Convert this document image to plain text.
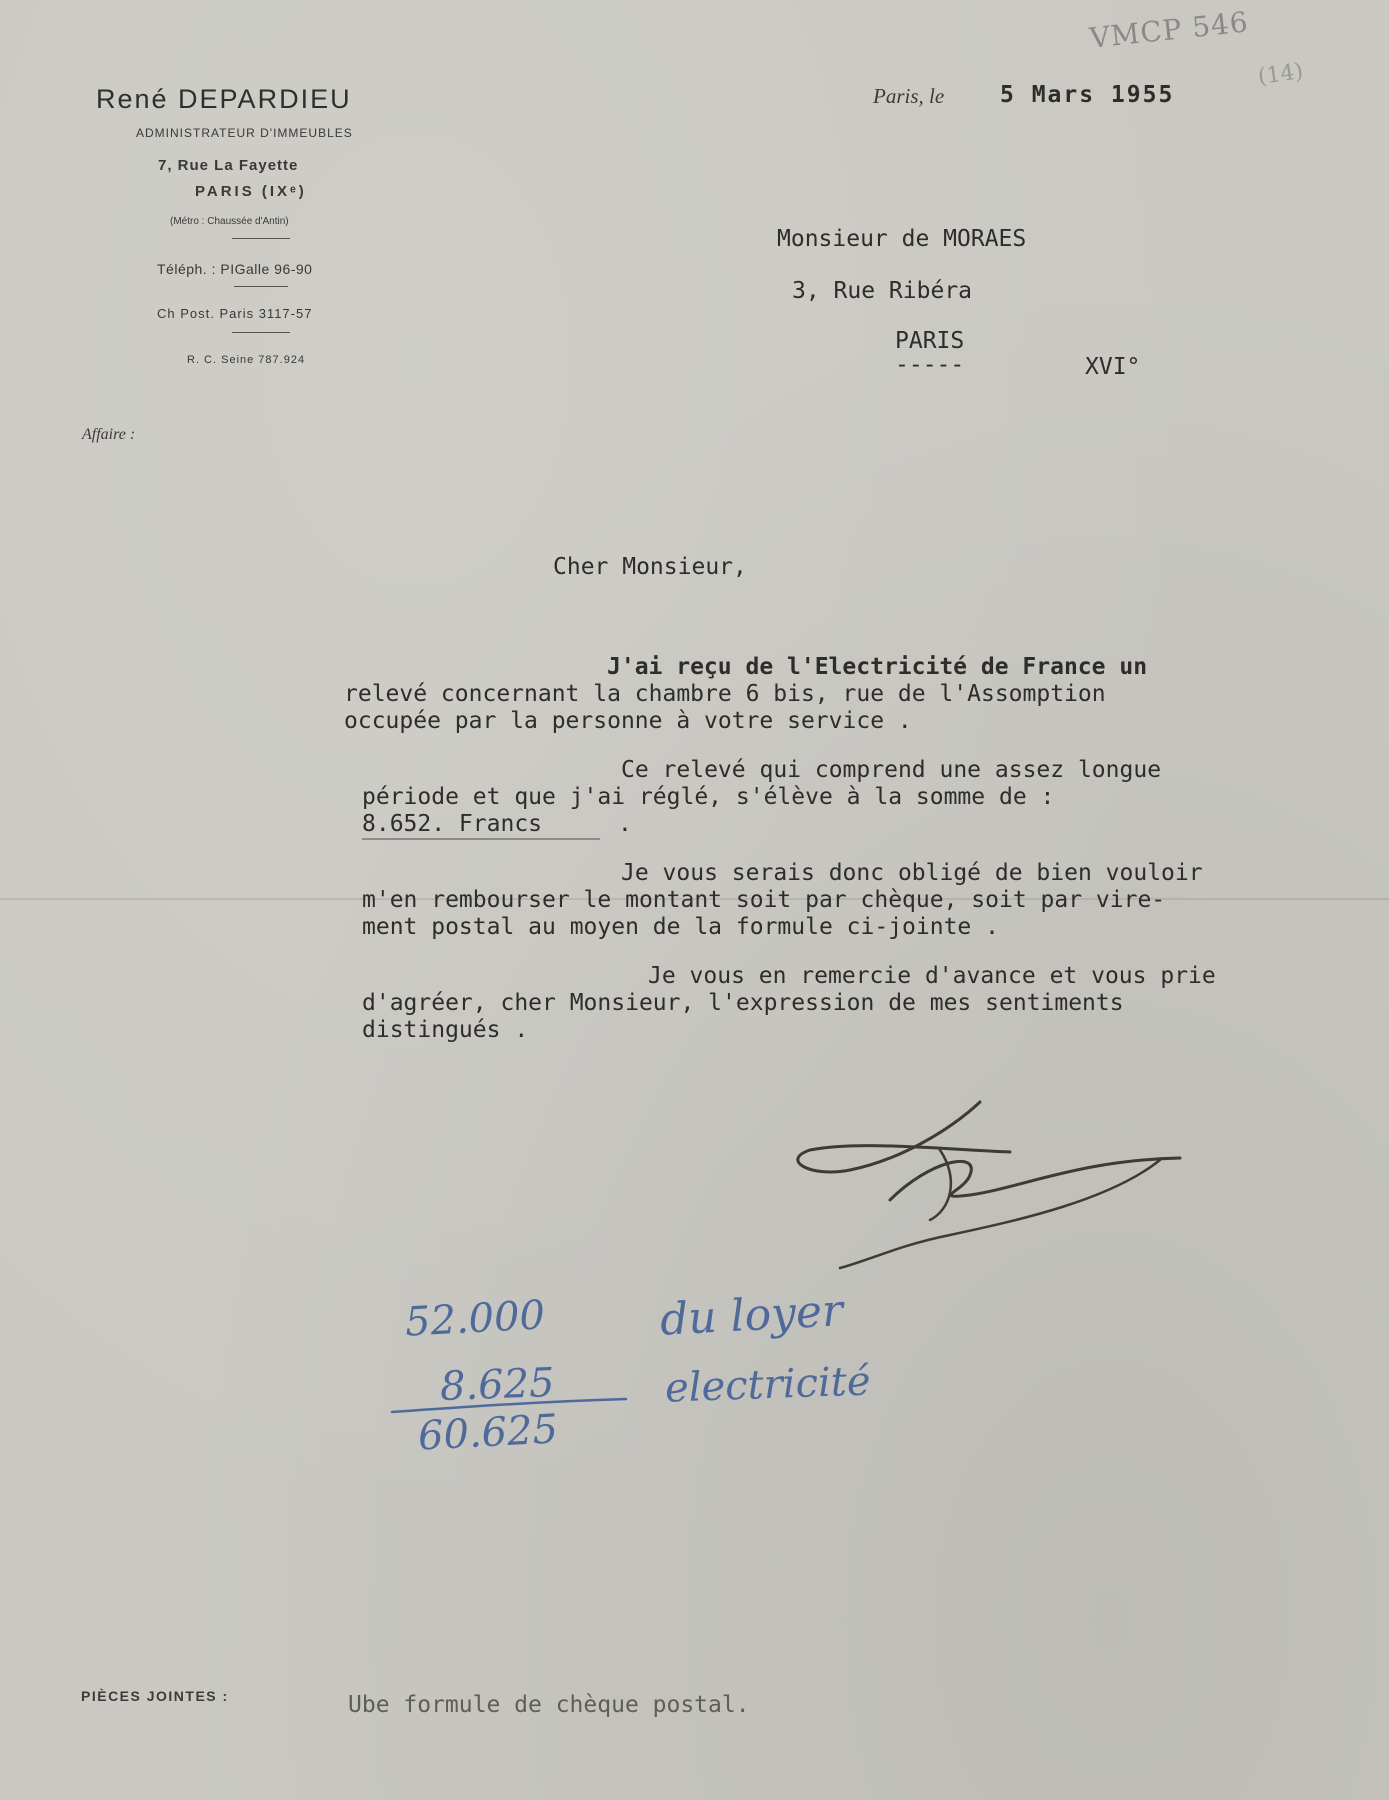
VMCP 546
(14)
René DEPARDIEU
ADMINISTRATEUR D'IMMEUBLES
7, Rue La Fayette
PARIS (IXᵉ)
(Métro : Chaussée d'Antin)
Téléph. : PIGalle 96-90
Ch Post. Paris 3117-57
R. C. Seine 787.924
Affaire :
Paris, le 5 Mars 1955
Monsieur de MORAES
3, Rue Ribéra
PARIS
-----	XVI°
Cher Monsieur,
J'ai reçu de l'Electricité de France un
relevé concernant la chambre 6 bis, rue de l'Assomption
occupée par la personne à votre service .
Ce relevé qui comprend une assez longue
période et que j'ai réglé, s'élève à la somme de :
8.652. Francs	.
Je vous serais donc obligé de bien vouloir
m'en rembourser le montant soit par chèque, soit par vire-
ment postal au moyen de la formule ci-jointe .
Je vous en remercie d'avance et vous prie
d'agréer, cher Monsieur, l'expression de mes sentiments
distingués .
52.000	du loyer
8.625	electricité
60.625
PIÈCES JOINTES :	Ube formule de chèque postal.
